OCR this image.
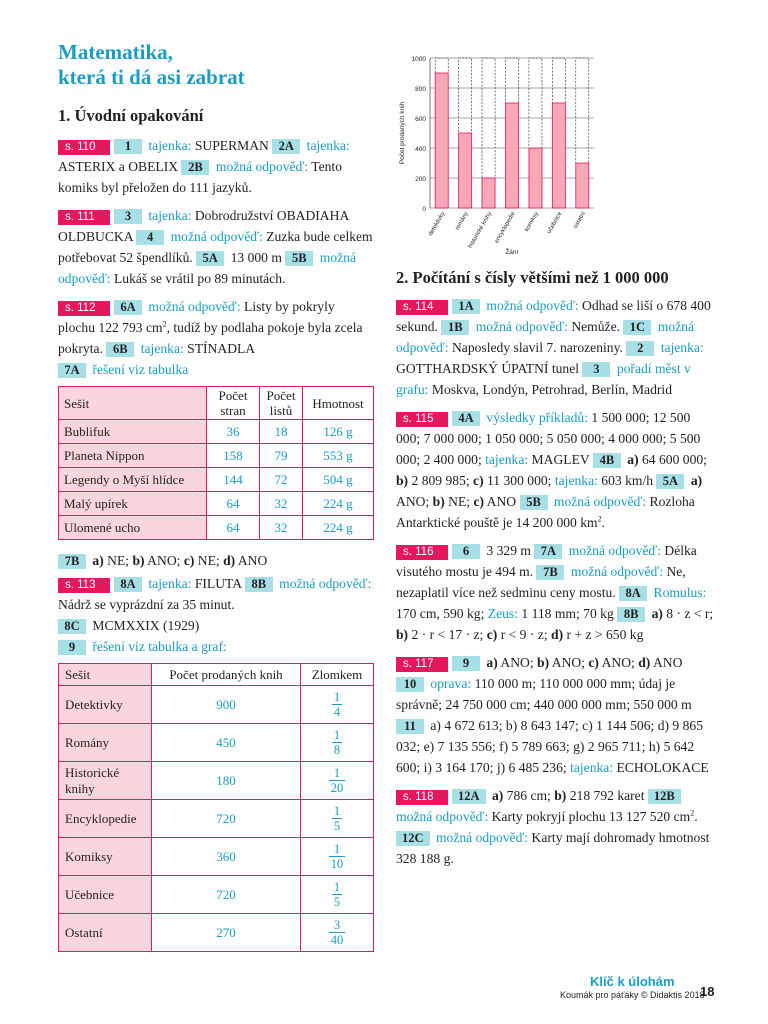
Matematika,
která ti dá asi zabrat
1. Úvodní opakování

s. 110 1 tajenka: SUPERMAN 2A tajenka: ASTERIX a OBELIX 2B možná odpověď: Tento komiks byl přeložen do 111 jazyků.

s. 111 3 tajenka: Dobrodružství OBADIAHA OLDBUCKA 4 možná odpověď: Zuzka bude celkem potřebovat 52 špendlíků. 5A 13 000 m 5B možná odpověď: Lukáš se vrátil po 89 minutách.

s. 112 6A možná odpověď: Listy by pokryly plochu 122 793 $cm^2$, tudíž by podlaha pokoje byla zcela pokryta. 6B tajenka: STÍNADLA
7A řešení viz tabulka

Sešit	Počet stran	Počet listů	Hmotnost
Bublifuk	36	18	126 g
Planeta Nippon	158	79	553 g
Legendy o Myší hlídce	144	72	504 g
Malý upírek	64	32	224 g
Ulomené ucho	64	32	224 g

7B a) NE; b) ANO; c) NE; d) ANO

s. 113 8A tajenka: FILUTA 8B možná odpověď: Nádrž se vyprázdní za 35 minut.
8C MCMXXIX (1929)
9 řešení viz tabulka a graf:

Sešit	Počet prodaných knih	Zlomkem
Detektivky	900	$\frac{1}{4}$

Romány	450	$\frac{1}{8}$

Historické knihy	180	$\frac{1}{20}$

Encyklopedie	720	$\frac{1}{5}$

Komiksy	360	$\frac{1}{10}$

Učebnice	720	$\frac{1}{5}$

Ostatní	270	$\frac{3}{40}$
0
200
400
600
800
1000
Počet prodaných knih
detektivky romány
historické knihy encyklopedie komiksy učebnice ostatní
Žánr
2. Počítání s čísly většími než 1 000 000

s. 114 1A možná odpověď: Odhad se liší o 678 400 sekund. 1B možná odpověď: Nemůže. 1C možná odpověď: Naposledy slavil 7. narozeniny. 2 tajenka: GOTTHARDSKÝ ÚPATNÍ tunel 3 pořadí měst v grafu: Moskva, Londýn, Petrohrad, Berlín, Madrid

s. 115 4A výsledky příkladů: 1 500 000; 12 500 000; 7 000 000; 1 050 000; 5 050 000; 4 000 000; 5 500 000; 2 400 000; tajenka: MAGLEV 4B a) 64 600 000; b) 2 809 985; c) 11 300 000; tajenka: 603 km/h 5A a) ANO; b) NE; c) ANO 5B možná odpověď: Rozloha Antarktické pouště je 14 200 000 $km^2$.

s. 116 6 3 329 m 7A možná odpověď: Délka visutého mostu je 494 m. 7B možná odpověď: Ne, nezaplatil více než sedminu ceny mostu. 8A Romulus: 170 cm, 590 kg; Zeus: 1 118 mm; 70 kg 8B a) 8 · z < r; b) 2 · r < 17 · z; c) r < 9 · z; d) r + z > 650 kg

s. 117 9 a) ANO; b) ANO; c) ANO; d) ANO 10 oprava: 110 000 m; 110 000 000 mm; údaj je správně; 24 750 000 cm; 440 000 000 mm; 550 000 m 11 a) 4 672 613; b) 8 643 147; c) 1 144 506; d) 9 865 032; e) 7 135 556; f) 5 789 663; g) 2 965 711; h) 5 642 600; i) 3 164 170; j) 6 485 236; tajenka: ECHOLOKACE

s. 118 12A a) 786 cm; b) 218 792 karet 12B možná odpověď: Karty pokryjí plochu 13 127 520 $cm^2$. 12C možná odpověď: Karty mají dohromady hmotnost 328 188 g.

Klíč k úlohám
Koumák pro páťáky © Didaktis 2018
18
